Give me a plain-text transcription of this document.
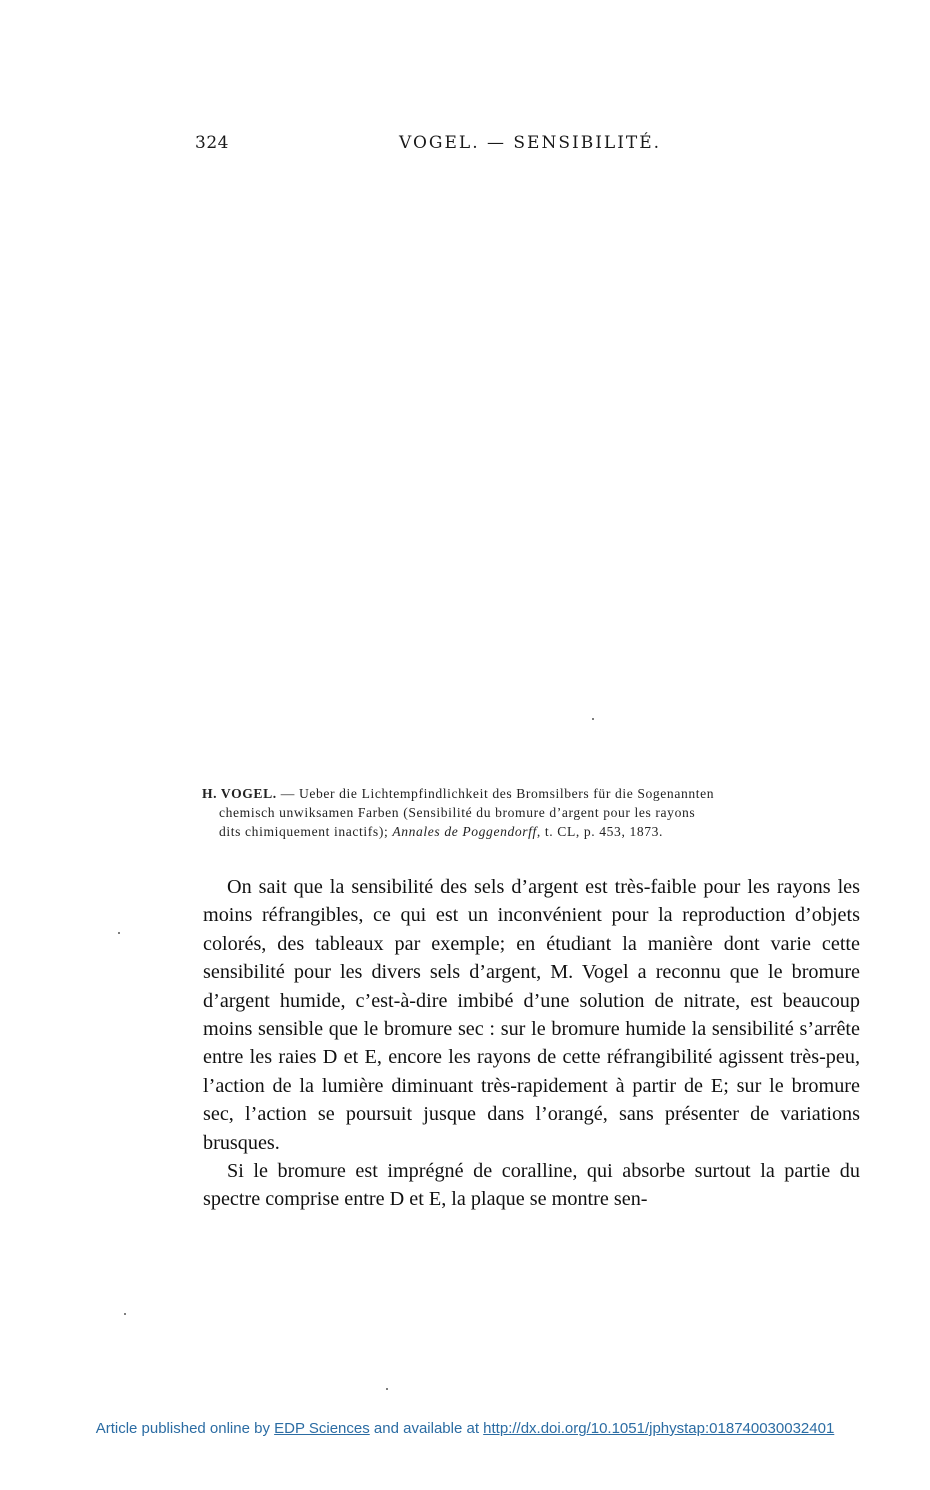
324	VOGEL. — SENSIBILITÉ.
H. VOGEL. — Ueber die Lichtempfindlichkeit des Bromsilbers für die Sogenannten
chemisch unwiksamen Farben (Sensibilité du bromure d’argent pour les rayons
dits chimiquement inactifs); Annales de Poggendorff, t. CL, p. 453, 1873.

On sait que la sensibilité des sels d’argent est très-faible pour les rayons les moins réfrangibles, ce qui est un inconvénient pour la reproduction d’objets colorés, des tableaux par exemple; en étudiant la manière dont varie cette sensibilité pour les divers sels d’argent, M. Vogel a reconnu que le bromure d’argent humide, c’est-à-dire imbibé d’une solution de nitrate, est beaucoup moins sensible que le bromure sec : sur le bromure humide la sensibilité s’arrête entre les raies D et E, encore les rayons de cette réfrangibilité agissent très-peu, l’action de la lumière diminuant très-rapidement à partir de E; sur le bromure sec, l’action se poursuit jusque dans l’orangé, sans présenter de variations brusques.

Si le bromure est imprégné de coralline, qui absorbe surtout la partie du spectre comprise entre D et E, la plaque se montre sen-

Article published online by EDP Sciences and available at http://dx.doi.org/10.1051/jphystap:018740030032401
